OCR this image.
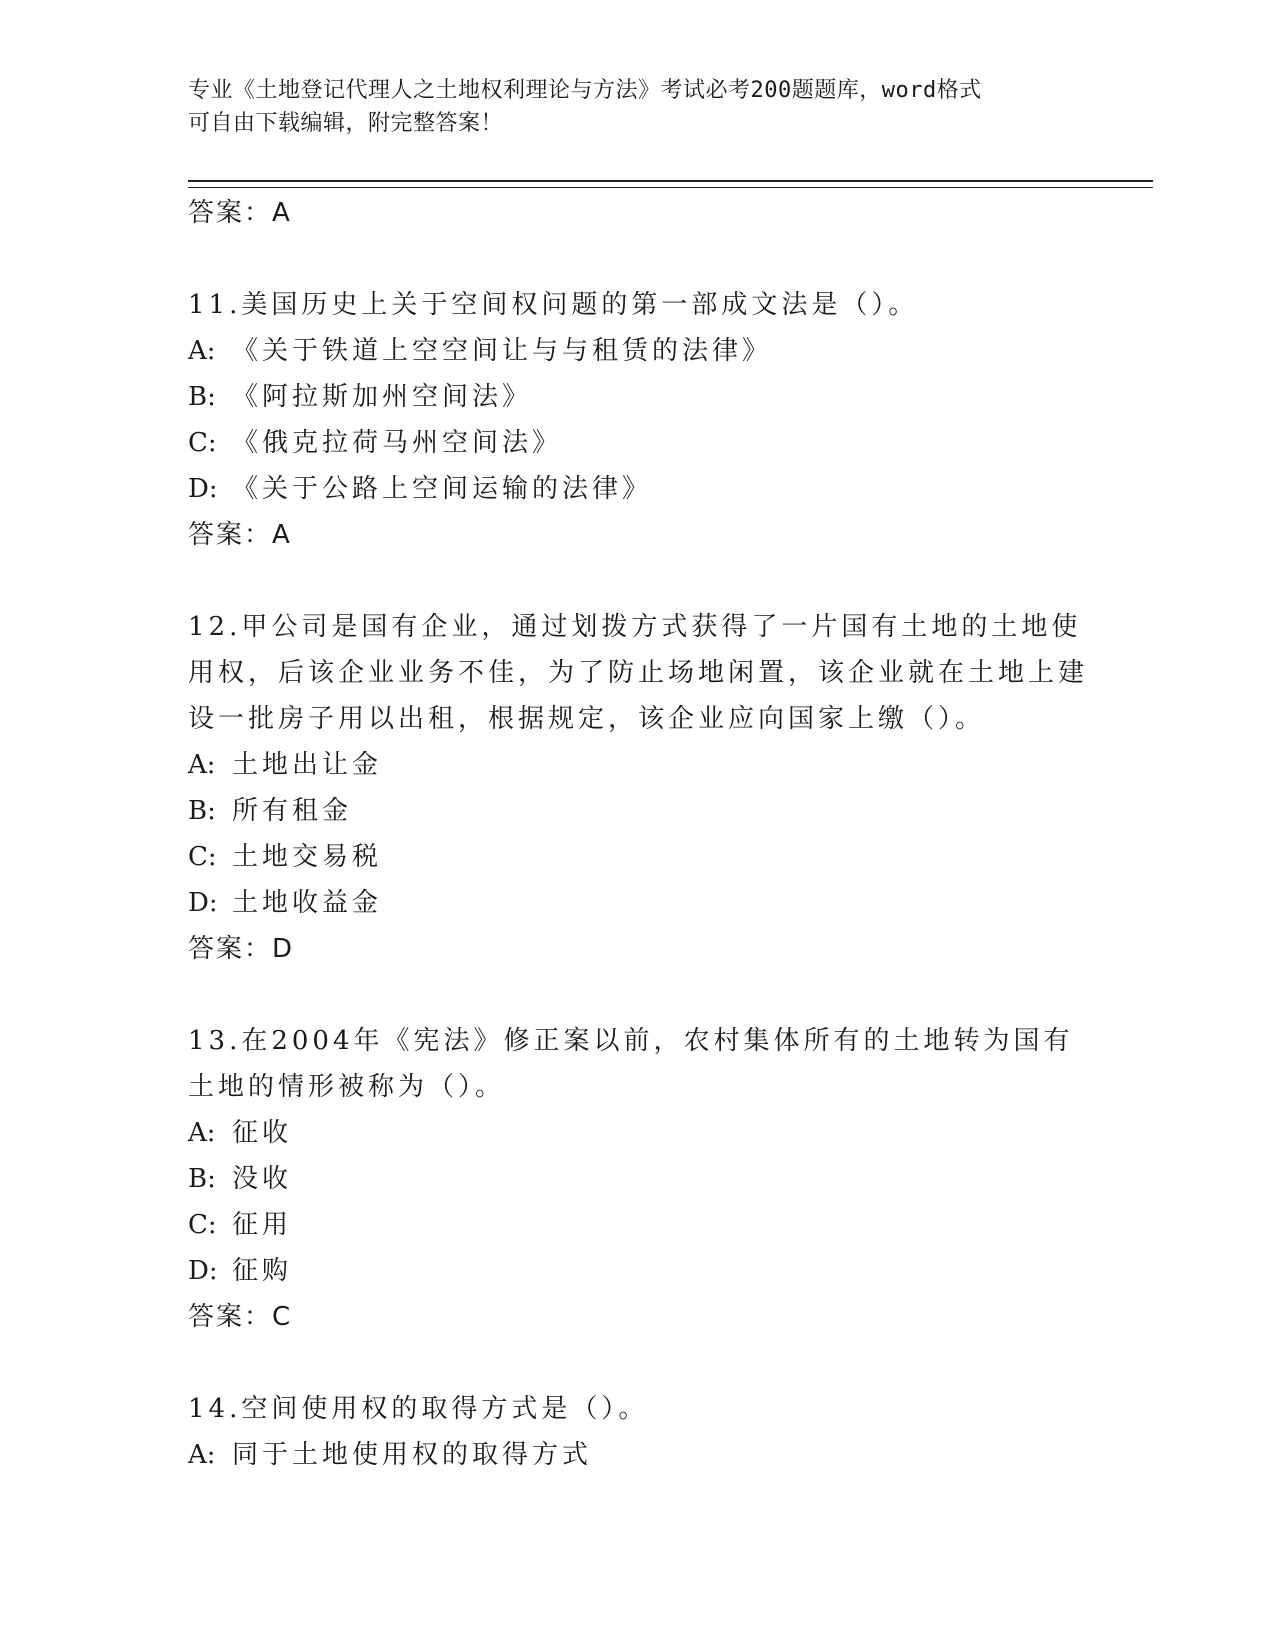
专业《土地登记代理人之土地权利理论与方法》考试必考200题题库，word格式
可自由下载编辑，附完整答案！
答案：A

11.美国历史上关于空间权问题的第一部成文法是（）。

A: 《关于铁道上空空间让与与租赁的法律》
B: 《阿拉斯加州空间法》
C: 《俄克拉荷马州空间法》
D: 《关于公路上空间运输的法律》
答案：A

12.甲公司是国有企业，通过划拨方式获得了一片国有土地的土地使用权，后该企业业务不佳，为了防止场地闲置，该企业就在土地上建设一批房子用以出租，根据规定，该企业应向国家上缴（）。

A: 土地出让金
B: 所有租金
C: 土地交易税
D: 土地收益金
答案：D

13.在2004年《宪法》修正案以前，农村集体所有的土地转为国有土地的情形被称为（）。

A: 征收
B: 没收
C: 征用
D: 征购
答案：C

14.空间使用权的取得方式是（）。

A: 同于土地使用权的取得方式
